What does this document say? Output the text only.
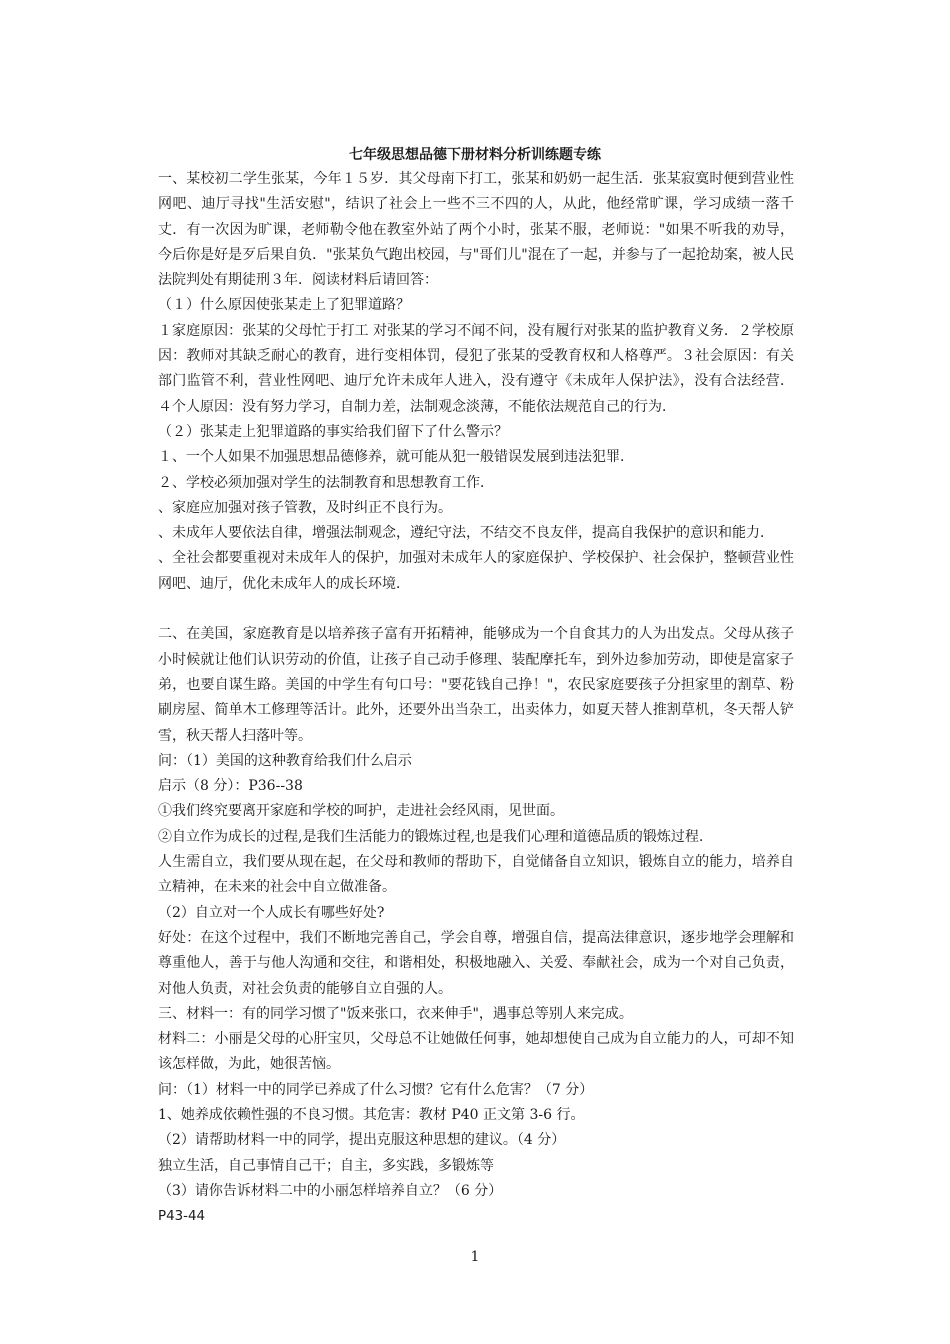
七年级思想品德下册材料分析训练题专练

一、某校初二学生张某，今年１５岁．其父母南下打工，张某和奶奶一起生活．张某寂寞时便到营业性网吧、迪厅寻找"生活安慰"，结识了社会上一些不三不四的人，从此，他经常旷课，学习成绩一落千丈．有一次因为旷课，老师勒令他在教室外站了两个小时，张某不服，老师说："如果不听我的劝导，今后你是好是歹后果自负．"张某负气跑出校园，与"哥们儿"混在了一起，并参与了一起抢劫案，被人民法院判处有期徒刑３年．阅读材料后请回答：

（１）什么原因使张某走上了犯罪道路？

１家庭原因：张某的父母忙于打工 对张某的学习不闻不问，没有履行对张某的监护教育义务．２学校原因：教师对其缺乏耐心的教育，进行变相体罚，侵犯了张某的受教育权和人格尊严。３社会原因：有关部门监管不利，营业性网吧、迪厅允许未成年人进入，没有遵守《未成年人保护法》，没有合法经营．４个人原因：没有努力学习，自制力差，法制观念淡薄，不能依法规范自己的行为．

（２）张某走上犯罪道路的事实给我们留下了什么警示？

１、一个人如果不加强思想品德修养，就可能从犯一般错误发展到违法犯罪．

２、学校必须加强对学生的法制教育和思想教育工作．

、家庭应加强对孩子管教，及时纠正不良行为。

、未成年人要依法自律，增强法制观念，遵纪守法，不结交不良友伴，提高自我保护的意识和能力．

、全社会都要重视对未成年人的保护，加强对未成年人的家庭保护、学校保护、社会保护，整顿营业性网吧、迪厅，优化未成年人的成长环境．

二、在美国，家庭教育是以培养孩子富有开拓精神，能够成为一个自食其力的人为出发点。父母从孩子小时候就让他们认识劳动的价值，让孩子自己动手修理、装配摩托车，到外边参加劳动，即使是富家子弟，也要自谋生路。美国的中学生有句口号："要花钱自己挣！"，农民家庭要孩子分担家里的割草、粉刷房屋、简单木工修理等活计。此外，还要外出当杂工，出卖体力，如夏天替人推割草机，冬天帮人铲雪，秋天帮人扫落叶等。

问：（1）美国的这种教育给我们什么启示

启示（8 分）：P36--38

①我们终究要离开家庭和学校的呵护，走进社会经风雨，见世面。

②自立作为成长的过程,是我们生活能力的锻炼过程,也是我们心理和道德品质的锻炼过程.

人生需自立，我们要从现在起，在父母和教师的帮助下，自觉储备自立知识，锻炼自立的能力，培养自立精神，在未来的社会中自立做准备。

（2）自立对一个人成长有哪些好处?

好处：在这个过程中，我们不断地完善自己，学会自尊，增强自信，提高法律意识，逐步地学会理解和尊重他人，善于与他人沟通和交往，和谐相处，积极地融入、关爱、奉献社会，成为一个对自己负责，对他人负责，对社会负责的能够自立自强的人。

三、材料一：有的同学习惯了"饭来张口，衣来伸手"，遇事总等别人来完成。

材料二：小丽是父母的心肝宝贝，父母总不让她做任何事，她却想使自己成为自立能力的人，可却不知该怎样做，为此，她很苦恼。

问：（1）材料一中的同学已养成了什么习惯？它有什么危害？（7 分）

1、她养成依赖性强的不良习惯。其危害：教材 P40 正文第 3-6 行。

（2）请帮助材料一中的同学，提出克服这种思想的建议。（4 分）

独立生活，自己事情自己干；自主，多实践，多锻炼等

（3）请你告诉材料二中的小丽怎样培养自立？（6 分）

P43-44

1
